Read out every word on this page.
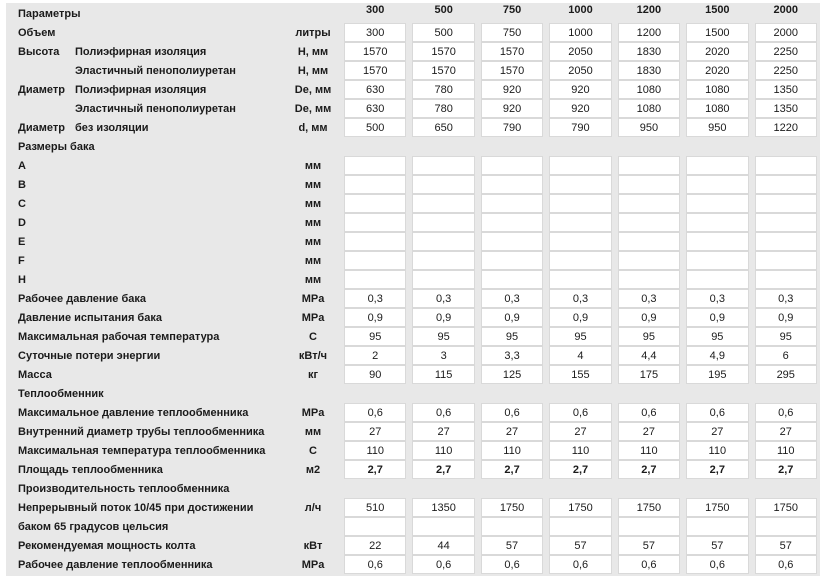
Параметры	300	500	750	1000	1200	1500	2000
Объем	литры	300	500	750	1000	1200	1500	2000
Высота	Полиэфирная изоляция	Н, мм	1570	1570	1570	2050	1830	2020	2250
Эластичный пенополиуретан	Н, мм	1570	1570	1570	2050	1830	2020	2250
Диаметр Полиэфирная изоляция	De, мм	630	780	920	920	1080	1080	1350
Эластичный пенополиуретан	De, мм	630	780	920	920	1080	1080	1350
Диаметр без изоляции	d, мм	500	650	790	790	950	950	1220
Размеры бака
A	мм
B	мм
C	мм
D	мм
E	мм
F	мм
H	мм
Рабочее давление бака	MPa	0,3	0,3	0,3	0,3	0,3	0,3	0,3
Давление испытания бака	MPa	0,9	0,9	0,9	0,9	0,9	0,9	0,9
Максимальная рабочая температура	C	95	95	95	95	95	95	95
Суточные потери энергии	кВт/ч	2	3	3,3	4	4,4	4,9	6
Масса	кг	90	115	125	155	175	195	295
Теплообменник
Максимальное давление теплообменника	MPa	0,6	0,6	0,6	0,6	0,6	0,6	0,6
Внутренний диаметр трубы теплообменника	мм	27	27	27	27	27	27	27
Максимальная температура теплообменника	C	110	110	110	110	110	110	110
Площадь теплообменника	м2	2,7	2,7	2,7	2,7	2,7	2,7	2,7
Производительность теплообменника
Непрерывный поток 10/45 при достижении	л/ч	510	1350	1750	1750	1750	1750	1750
баком 65 градусов цельсия
Рекомендуемая мощность колта	кВт	22	44	57	57	57	57	57
Рабочее давление теплообменника	MPa	0,6	0,6	0,6	0,6	0,6	0,6	0,6
